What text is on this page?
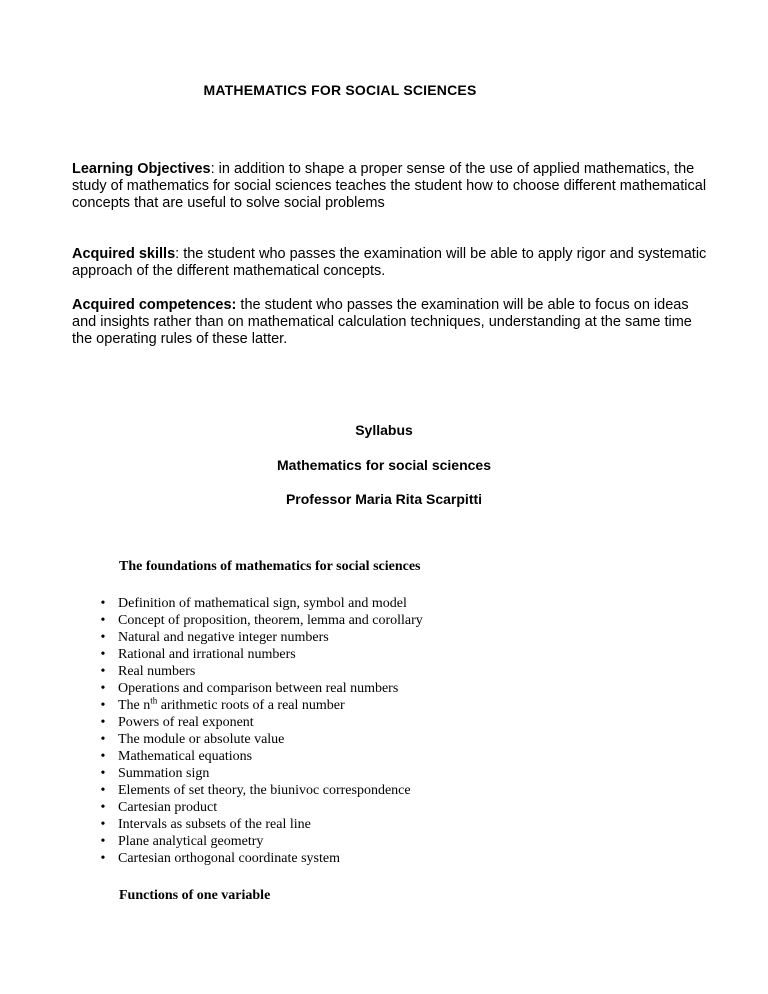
MATHEMATICS FOR SOCIAL SCIENCES
Learning Objectives: in addition to shape a proper sense of the use of applied mathematics, the study of mathematics for social sciences teaches the student how to choose different mathematical concepts that are useful to solve social problems
Acquired skills: the student who passes the examination will be able to apply rigor and systematic approach of the different mathematical concepts.
Acquired competences: the student who passes the examination will be able to focus on ideas and insights rather than on mathematical calculation techniques, understanding at the same time the operating rules of these latter.
Syllabus
Mathematics for social sciences
Professor Maria Rita Scarpitti
The foundations of mathematics for social sciences
• Definition of mathematical sign, symbol and model
• Concept of proposition, theorem, lemma and corollary
• Natural and negative integer numbers
• Rational and irrational numbers
• Real numbers
• Operations and comparison between real numbers
• The $n^{th}$ arithmetic roots of a real number
• Powers of real exponent
• The module or absolute value
• Mathematical equations
• Summation sign
• Elements of set theory, the biunivoc correspondence
• Cartesian product
• Intervals as subsets of the real line
• Plane analytical geometry
• Cartesian orthogonal coordinate system
Functions of one variable
